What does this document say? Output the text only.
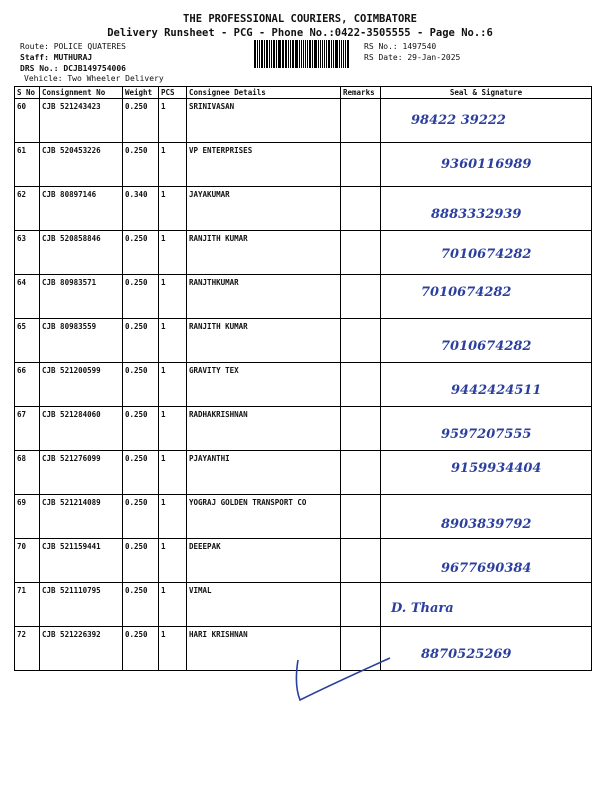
THE PROFESSIONAL COURIERS, COIMBATORE
Delivery Runsheet - PCG - Phone No.:0422-3505555 - Page No.:6
Route: POLICE QUATERES
Staff: MUTHURAJ
DRS No.: DCJB149754006
Vehicle: Two Wheeler Delivery
RS No.: 1497540
RS Date: 29-Jan-2025
S No	Consignment No	Weight	PCS	Consignee Details	Remarks	Seal & Signature
60	CJB 521243423	0.250	1	SRINIVASAN		98422 39222

61	CJB 520453226	0.250	1	VP ENTERPRISES		9360116989

62	CJB 80897146	0.340	1	JAYAKUMAR		8883332939

63	CJB 520858846	0.250	1	RANJITH KUMAR		7010674282

64	CJB 80983571	0.250	1	RANJTHKUMAR		7010674282

65	CJB 80983559	0.250	1	RANJITH KUMAR		7010674282

66	CJB 521200599	0.250	1	GRAVITY TEX		9442424511

67	CJB 521284060	0.250	1	RADHAKRISHNAN		9597207555

68	CJB 521276099	0.250	1	PJAYANTHI		9159934404

69	CJB 521214089	0.250	1	YOGRAJ GOLDEN TRANSPORT CO		8903839792

70	CJB 521159441	0.250	1	DEEEPAK		9677690384

71	CJB 521110795	0.250	1	VIMAL		D. Thara

72	CJB 521226392	0.250	1	HARI KRISHNAN		8870525269
